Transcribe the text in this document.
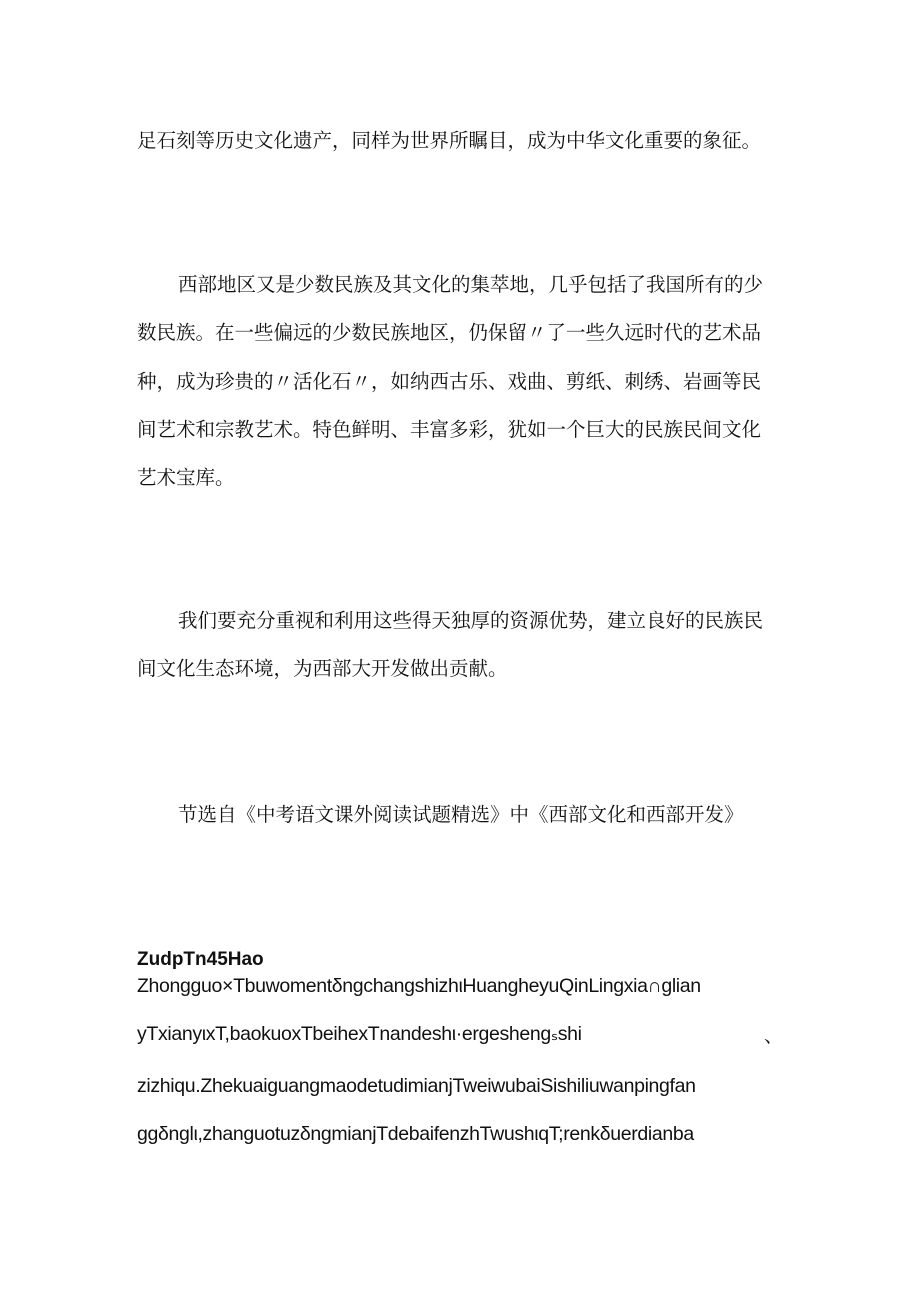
足石刻等历史文化遗产，同样为世界所瞩目，成为中华文化重要的象征。
西部地区又是少数民族及其文化的集萃地，几乎包括了我国所有的少
数民族。在一些偏远的少数民族地区，仍保留〃了一些久远时代的艺术品
种，成为珍贵的〃活化石〃，如纳西古乐、戏曲、剪纸、刺绣、岩画等民
间艺术和宗教艺术。特色鲜明、丰富多彩，犹如一个巨大的民族民间文化
艺术宝库。
我们要充分重视和利用这些得天独厚的资源优势，建立良好的民族民
间文化生态环境，为西部大开发做出贡献。
节选自《中考语文课外阅读试题精选》中《西部文化和西部开发》
ZudpTn45Hao
Zhongguo×TbuwomentδngchangshizhιHuangheyuQinLingxia∩glian
yTxianyιxT,baokuoxTbeihexTnandeshι·ergeshengₛshi	、
zizhiqu.ZhekuaiguangmaodetudimianjTweiwubaiSishiliuwanpingfan
ggδnglι,zhanguotuzδngmianjTdebaifenzhTwushιqT;renkδuerdianba
